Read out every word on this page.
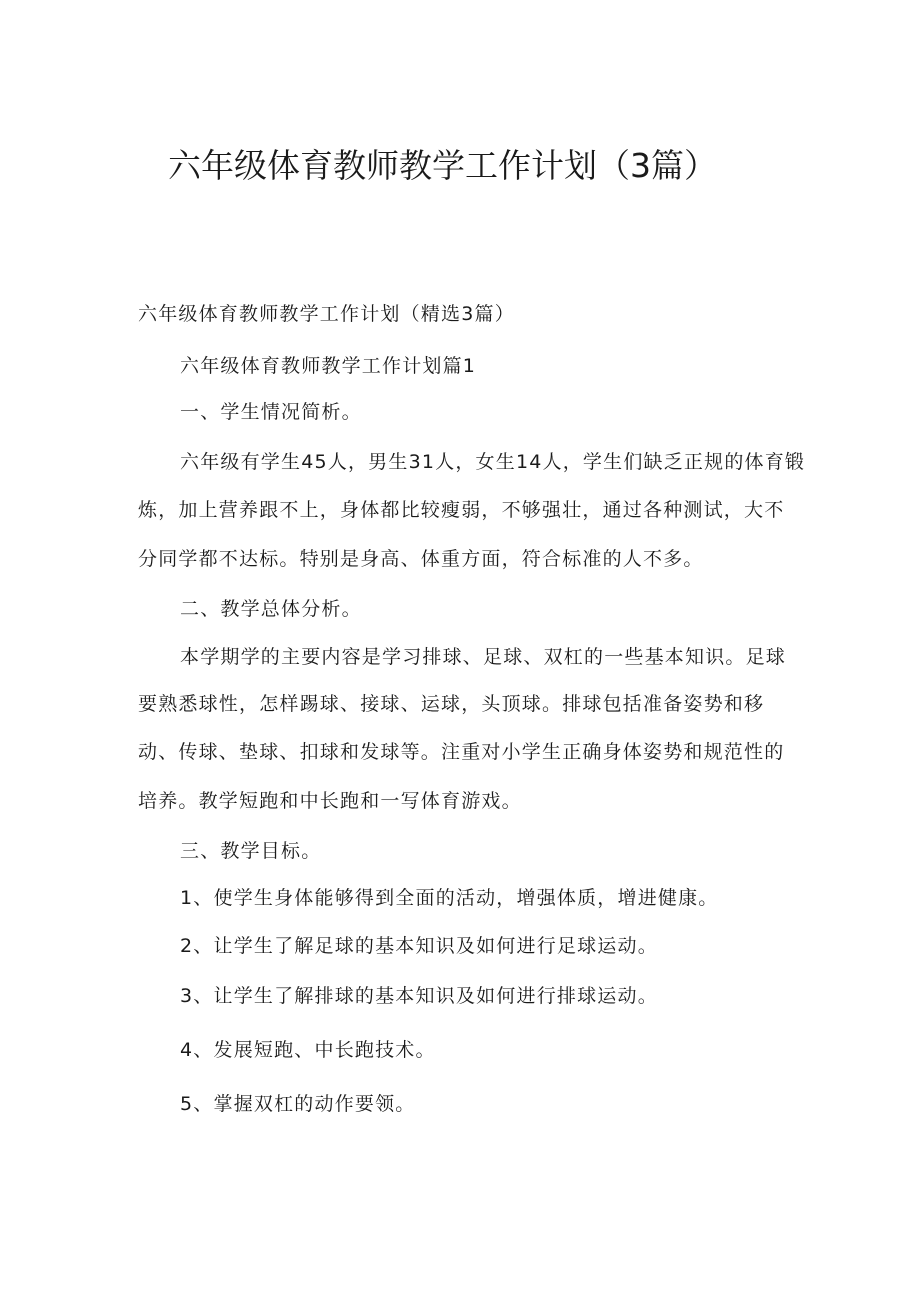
六年级体育教师教学工作计划（3篇）

六年级体育教师教学工作计划（精选3篇）

六年级体育教师教学工作计划篇1

一、学生情况简析。

六年级有学生45人，男生31人，女生14人，学生们缺乏正规的体育锻

炼，加上营养跟不上，身体都比较瘦弱，不够强壮，通过各种测试，大不

分同学都不达标。特别是身高、体重方面，符合标准的人不多。

二、教学总体分析。

本学期学的主要内容是学习排球、足球、双杠的一些基本知识。足球

要熟悉球性，怎样踢球、接球、运球，头顶球。排球包括准备姿势和移

动、传球、垫球、扣球和发球等。注重对小学生正确身体姿势和规范性的

培养。教学短跑和中长跑和一写体育游戏。

三、教学目标。

1、使学生身体能够得到全面的活动，增强体质，增进健康。

2、让学生了解足球的基本知识及如何进行足球运动。

3、让学生了解排球的基本知识及如何进行排球运动。

4、发展短跑、中长跑技术。

5、掌握双杠的动作要领。
